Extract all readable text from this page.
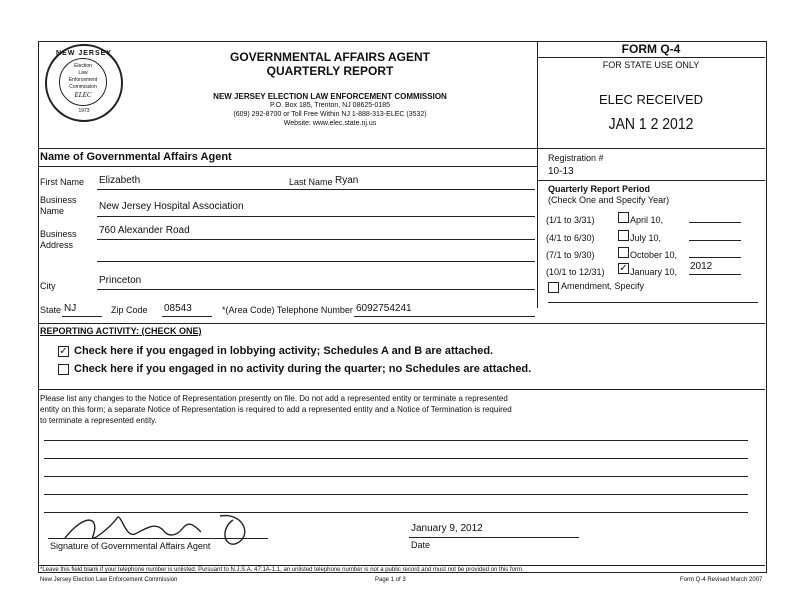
NEW JERSEY
Election
Law
Enforcement
Commission
ELEC
1973
GOVERNMENTAL AFFAIRS AGENT
QUARTERLY REPORT
NEW JERSEY ELECTION LAW ENFORCEMENT COMMISSION
P.O. Box 185, Trenton, NJ 08625-0185
(609) 292-8700 or Toll Free Within NJ 1-888-313-ELEC (3532)
Website: www.elec.state.nj.us
FORM Q-4
FOR STATE USE ONLY
ELEC RECEIVED
JAN 1 2 2012
Name of Governmental Affairs Agent
First Name Elizabeth	Last Name Ryan
Business
Name	New Jersey Hospital Association
Business
Address
760 Alexander Road
City	Princeton
State NJ	Zip Code 08543	*(Area Code) Telephone Number 6092754241
Registration #
10-13
Quarterly Report Period
(Check One and Specify Year)
(1/1 to 3/31)	April 10,
(4/1 to 6/30)	July 10,
(7/1 to 9/30)	October 10,
(10/1 to 12/31) ✓ January 10, 2012
Amendment, Specify
REPORTING ACTIVITY: (CHECK ONE)
✓ Check here if you engaged in lobbying activity; Schedules A and B are attached.
Check here if you engaged in no activity during the quarter; no Schedules are attached.
Please list any changes to the Notice of Representation presently on file. Do not add a represented entity or terminate a represented
entity on this form; a separate Notice of Representation is required to add a represented entity and a Notice of Termination is required
to terminate a represented entity.
Signature of Governmental Affairs Agent
January 9, 2012
Date
*Leave this field blank if your telephone number is unlisted. Pursuant to N.J.S.A. 47:1A-1.1, an unlisted telephone number is not a public record and must not be provided on this form.
New Jersey Election Law Enforcement Commission	Page 1 of 3	Form Q-4 Revised March 2007
